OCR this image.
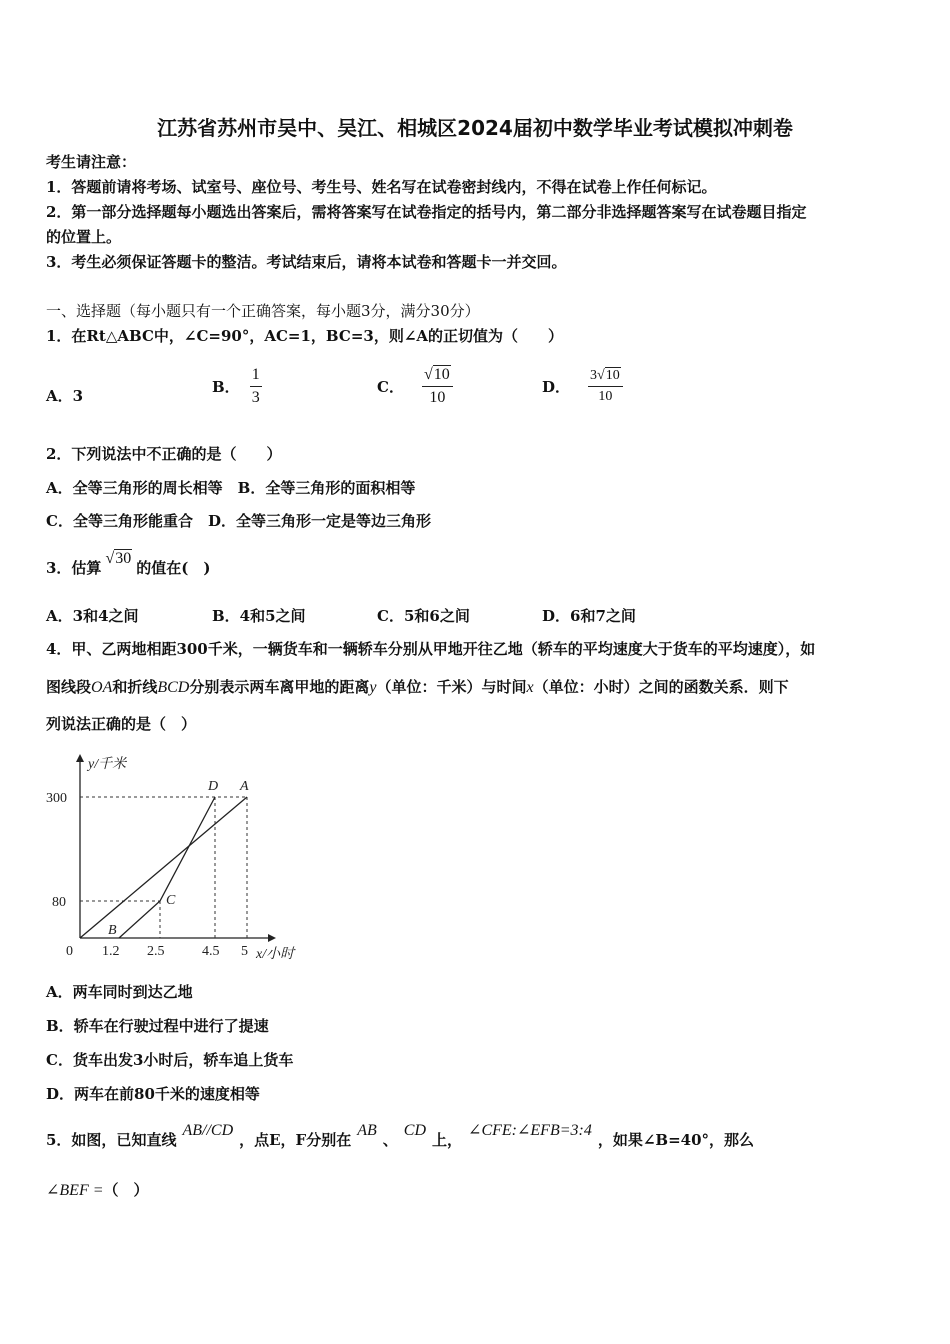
江苏省苏州市吴中、吴江、相城区2024届初中数学毕业考试模拟冲刺卷
考生请注意：
1．答题前请将考场、试室号、座位号、考生号、姓名写在试卷密封线内，不得在试卷上作任何标记。
2．第一部分选择题每小题选出答案后，需将答案写在试卷指定的括号内，第二部分非选择题答案写在试卷题目指定
的位置上。
3．考生必须保证答题卡的整洁。考试结束后，请将本试卷和答题卡一并交回。
一、选择题（每小题只有一个正确答案，每小题3分，满分30分）
1．在Rt△ABC中，∠C=90°，AC=1，BC=3，则∠A的正切值为（　　）
A．3	B． $\frac{1}{3}$	C． $\frac{√10}{10}$	D． $\frac{3√10}{10}$
2．下列说法中不正确的是（　　）
A．全等三角形的周长相等　B．全等三角形的面积相等
C．全等三角形能重合　D．全等三角形一定是等边三角形
3．估算√30的值在(　)
A．3和4之间	B．4和5之间	C．5和6之间	D．6和7之间
4．甲、乙两地相距300千米，一辆货车和一辆轿车分别从甲地开往乙地（轿车的平均速度大于货车的平均速度），如
图线段OA和折线BCD分别表示两车离甲地的距离y（单位：千米）与时间x（单位：小时）之间的函数关系．则下
列说法正确的是（　）
y/千米
x/小时
0
300
80
1.2 2.5	4.5 5
D A
C
B
A．两车同时到达乙地
B．轿车在行驶过程中进行了提速
C．货车出发3小时后，轿车追上货车
D．两车在前80千米的速度相等
5．如图，已知直线AB//CD，点E，F分别在AB、CD上，∠CFE:∠EFB=3:4，如果∠B=40°，那么
∠BEF =（　）
